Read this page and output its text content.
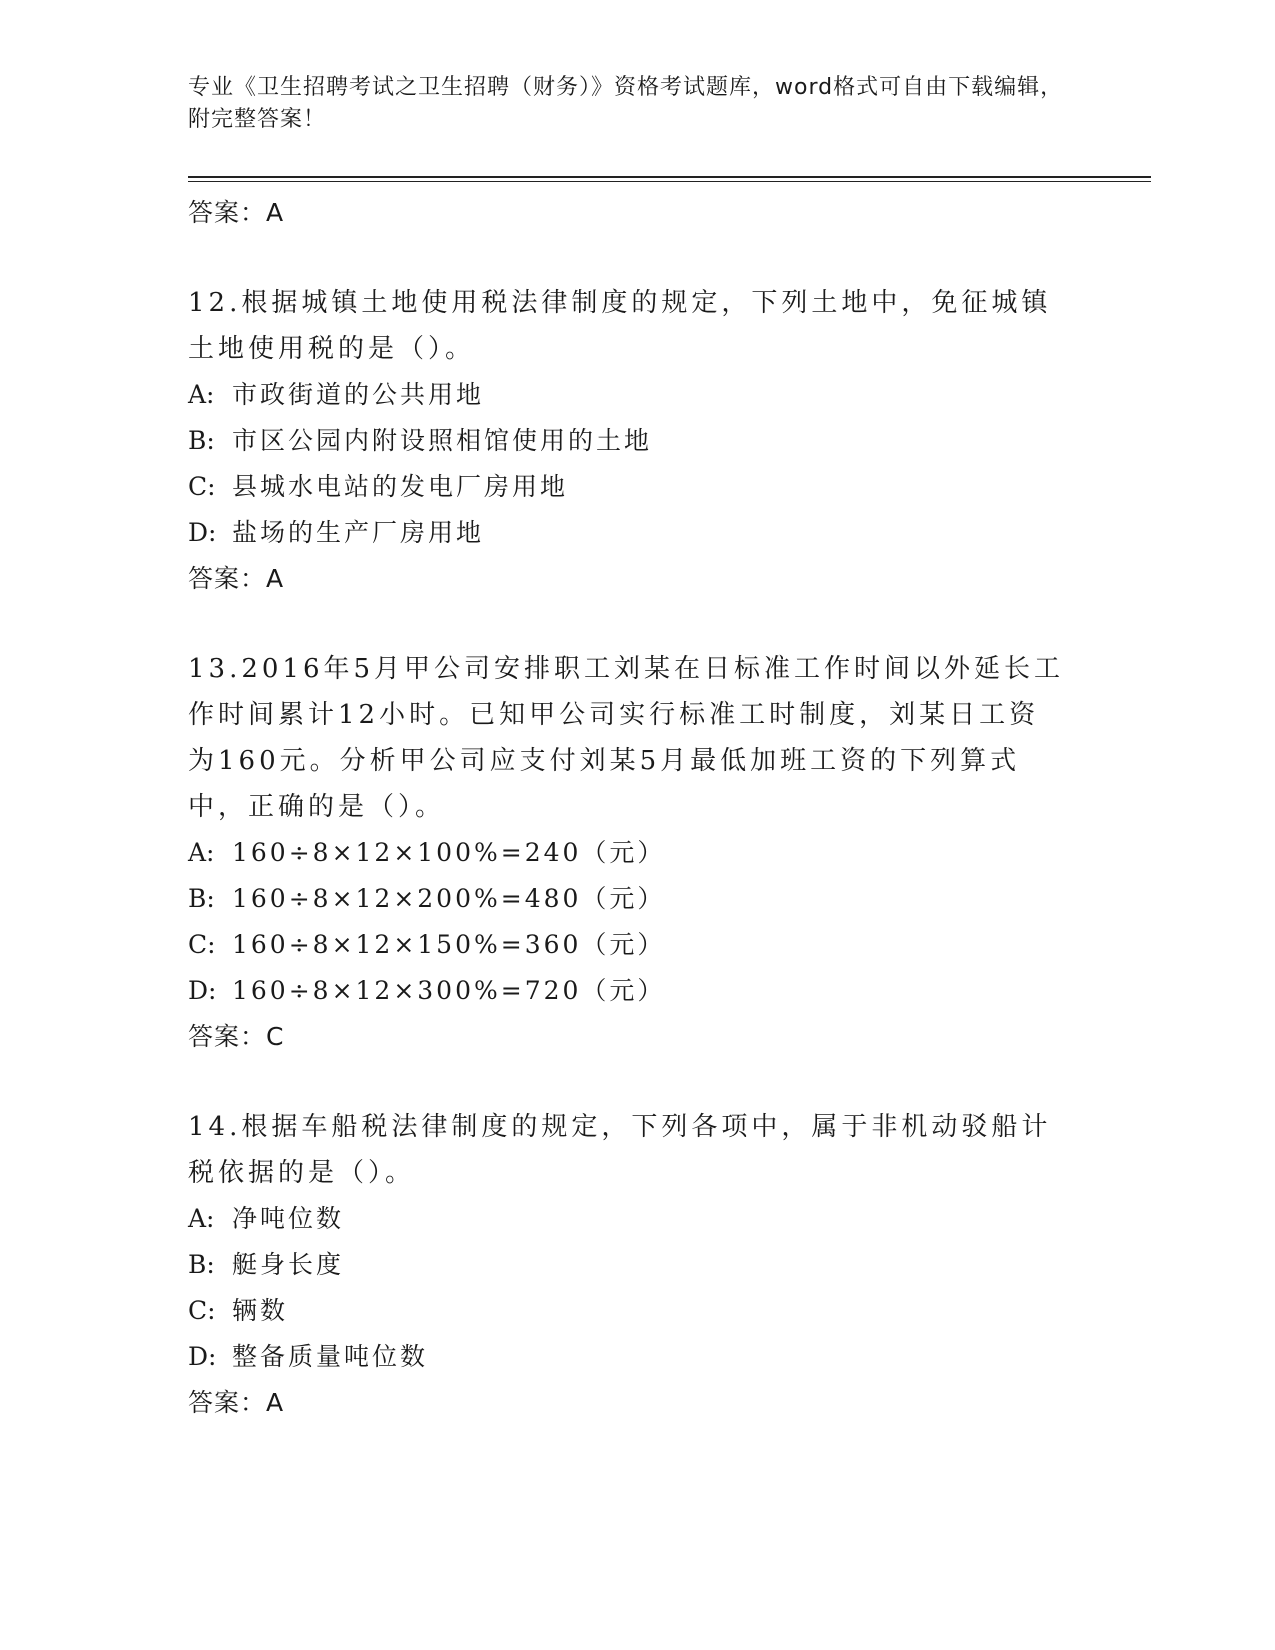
专业《卫生招聘考试之卫生招聘（财务）》资格考试题库，word格式可自由下载编辑，附完整答案！
答案：A
12.根据城镇土地使用税法律制度的规定，下列土地中，免征城镇土地使用税的是（）。
A: 市政街道的公共用地
B: 市区公园内附设照相馆使用的土地
C: 县城水电站的发电厂房用地
D: 盐场的生产厂房用地
答案：A
13.2016年5月甲公司安排职工刘某在日标准工作时间以外延长工作时间累计12小时。已知甲公司实行标准工时制度，刘某日工资为160元。分析甲公司应支付刘某5月最低加班工资的下列算式中，正确的是（）。
A: 160÷8×12×100%=240（元）
B: 160÷8×12×200%=480（元）
C: 160÷8×12×150%=360（元）
D: 160÷8×12×300%=720（元）
答案：C
14.根据车船税法律制度的规定，下列各项中，属于非机动驳船计税依据的是（）。
A: 净吨位数
B: 艇身长度
C: 辆数
D: 整备质量吨位数
答案：A
